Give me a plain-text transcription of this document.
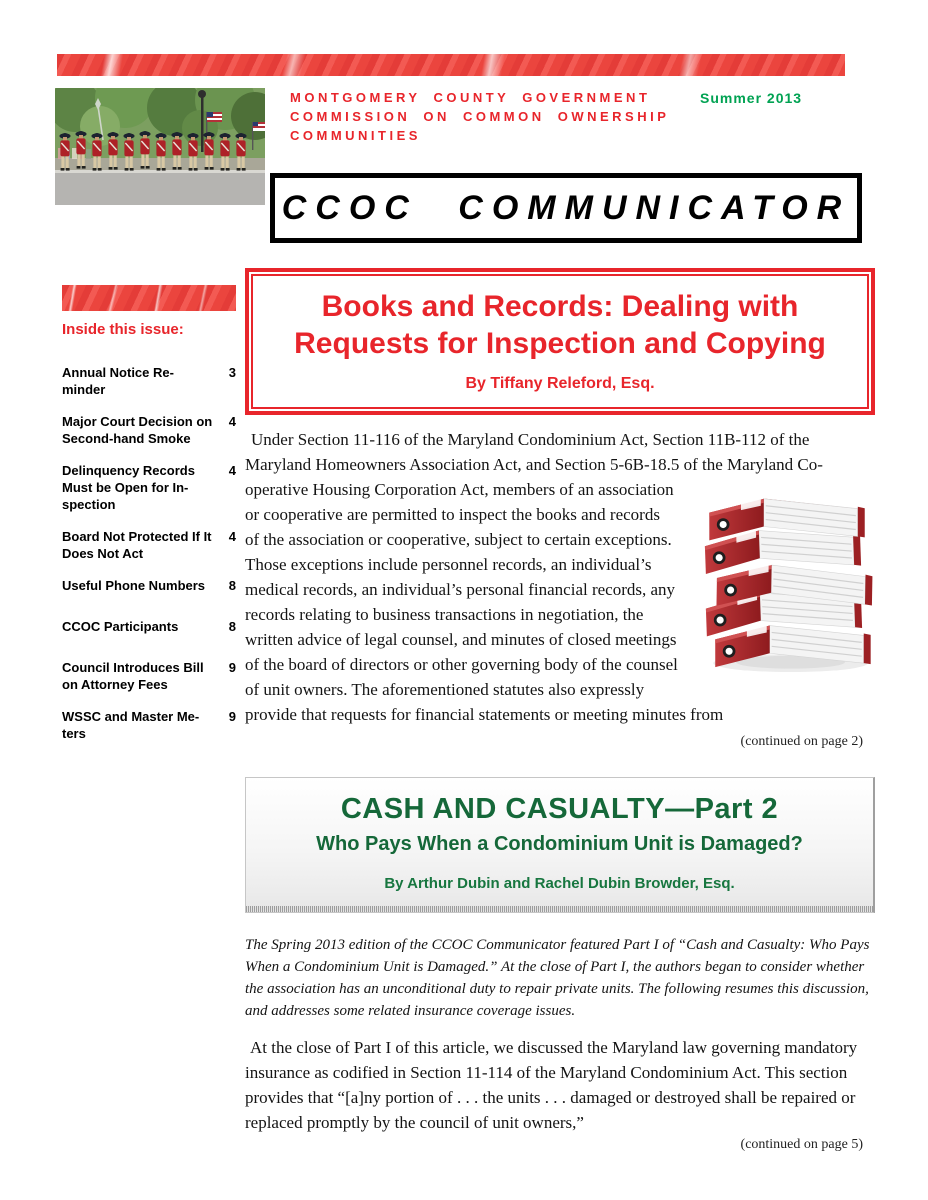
MONTGOMERY COUNTY GOVERNMENT
COMMISSION ON COMMON OWNERSHIP
COMMUNITIES
Summer 2013
CCOC COMMUNICATOR
Inside this issue:
Annual Notice Re-minder
3
Major Court Decision on Second-hand Smoke
4
Delinquency Records Must be Open for In-spection
4
Board Not Protected If It Does Not Act
4
Useful Phone Numbers	8
CCOC Participants	8
Council Introduces Bill on Attorney Fees
9
WSSC and Master Me-ters
9
Books and Records: Dealing with Requests for Inspection and Copying
By Tiffany Releford, Esq.

Under Section 11-116 of the Maryland Condominium Act, Section 11B-112 of the Maryland Homeowners Association Act, and Section 5-6B-18.5 of the Maryland Co-operative Housing Corporation Act, members of an association or cooperative are permitted to inspect the books and records of the association or cooperative, subject to certain exceptions. Those exceptions include personnel records, an individual’s medical records, an individual’s personal financial records, any records relating to business transactions in negotiation, the written advice of legal counsel, and minutes of closed meetings of the board of directors or other governing body of the counsel of unit owners. The aforementioned statutes also expressly provide that requests for financial statements or meeting minutes from

(continued on page 2)
CASH AND CASUALTY—Part 2
Who Pays When a Condominium Unit is Damaged?
By Arthur Dubin and Rachel Dubin Browder, Esq.

The Spring 2013 edition of the CCOC Communicator featured Part I of “Cash and Casualty: Who Pays When a Condominium Unit is Damaged.” At the close of Part I, the authors began to consider whether the association has an unconditional duty to repair private units. The following resumes this discussion, and addresses some related insurance coverage issues.

At the close of Part I of this article, we discussed the Maryland law governing mandatory insurance as codified in Section 11-114 of the Maryland Condominium Act. This section provides that “[a]ny portion of . . . the units . . . damaged or destroyed shall be repaired or replaced promptly by the council of unit owners,”

(continued on page 5)
